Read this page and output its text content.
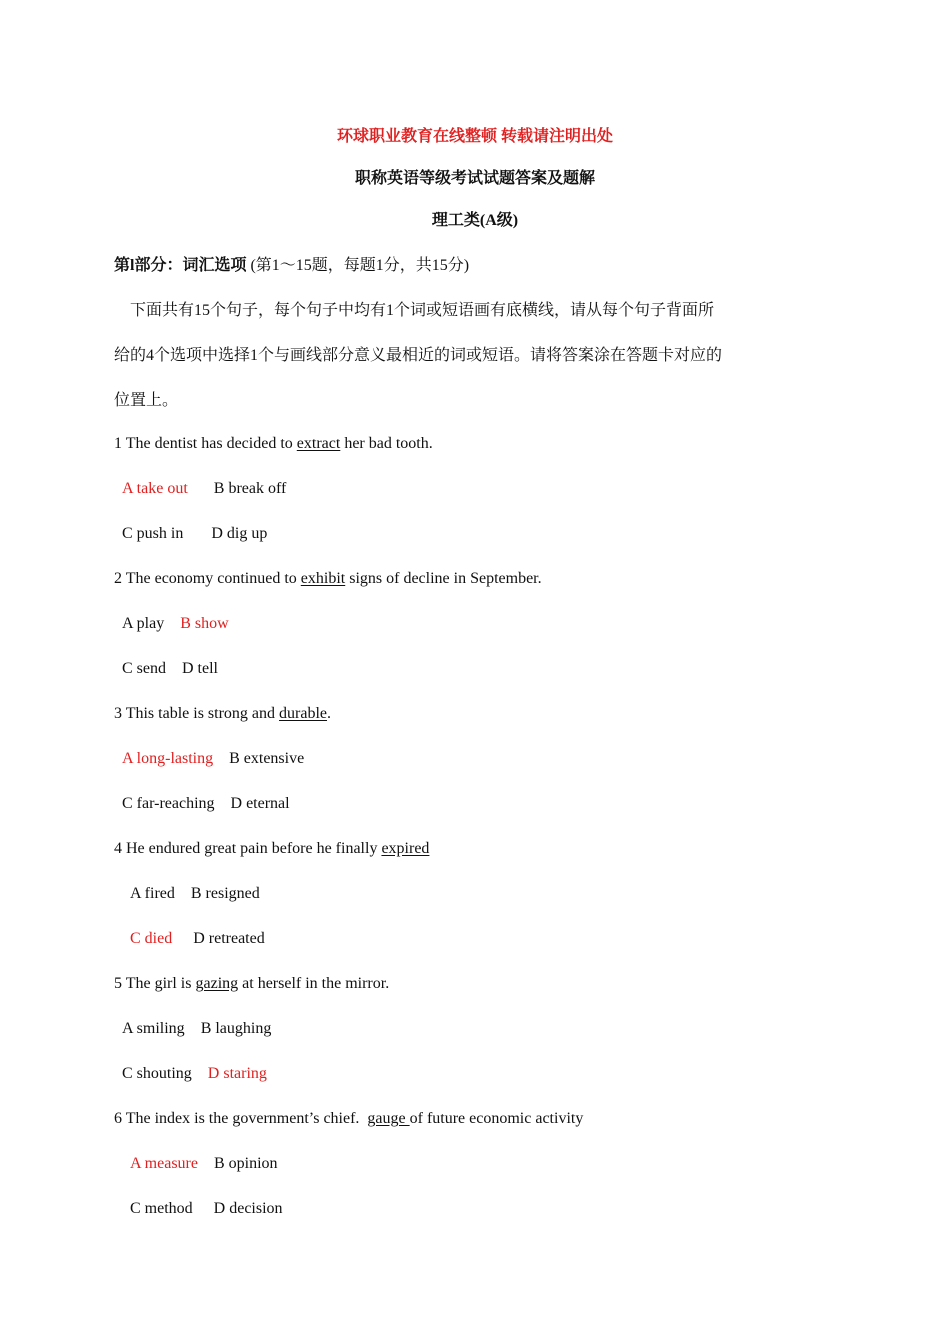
环球职业教育在线整顿 转载请注明出处
职称英语等级考试试题答案及题解
理工类(A级)
第l部分：词汇选项 (第1～15题，每题1分，共15分)
下面共有15个句子，每个句子中均有1个词或短语画有底横线，请从每个句子背面所
给的4个选项中选择1个与画线部分意义最相近的词或短语。请将答案涂在答题卡对应的
位置上。
1 The dentist has decided to extract her bad tooth.
A take out B break off
C push in D dig up
2 The economy continued to exhibit signs of decline in September.
A play B show
C send D tell
3 This table is strong and durable.
A long-lasting B extensive
C far-reaching D eternal
4 He endured great pain before he finally expired
A fired B resigned
C died D retreated
5 The girl is gazing at herself in the mirror.
A smiling B laughing
C shouting D staring
6 The index is the government’s chief.  gauge of future economic activity
A measure B opinion
C method D decision
